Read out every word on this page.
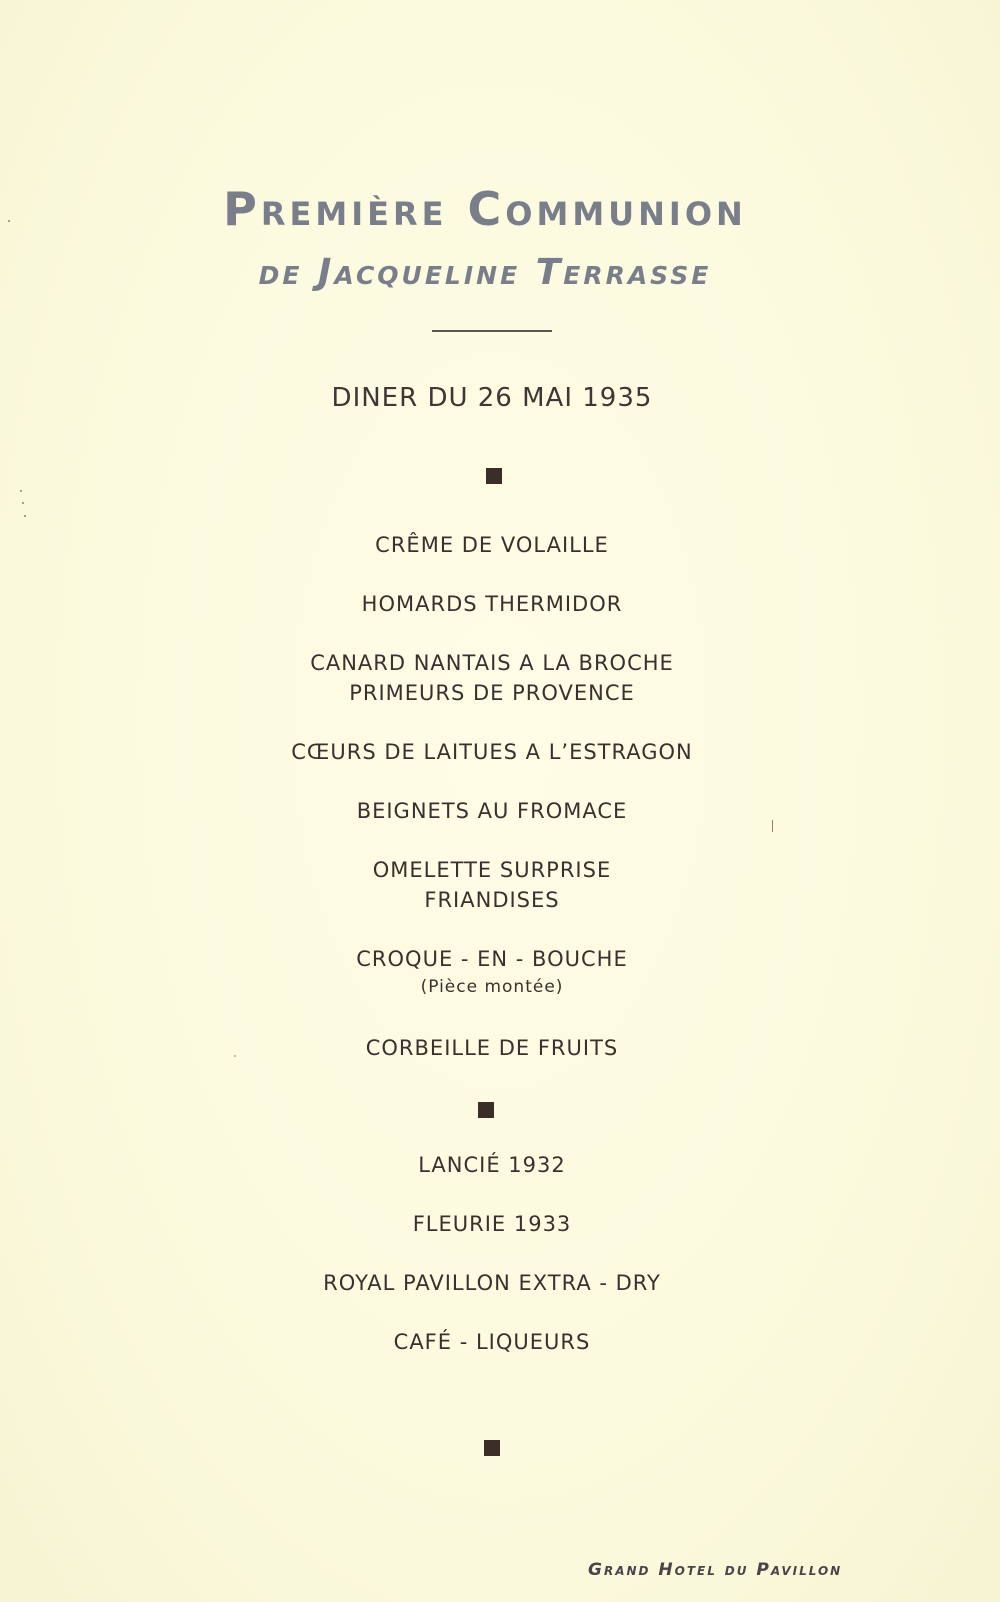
Première Communion
de Jacqueline Terrasse
DINER DU 26 MAI 1935
CRÊME DE VOLAILLE
HOMARDS THERMIDOR
CANARD NANTAIS A LA BROCHE
PRIMEURS DE PROVENCE
CŒURS DE LAITUES A L’ESTRAGON
BEIGNETS AU FROMACE
OMELETTE SURPRISE
FRIANDISES
CROQUE - EN - BOUCHE
(Pièce montée)
CORBEILLE DE FRUITS
LANCIÉ 1932
FLEURIE 1933
ROYAL PAVILLON EXTRA - DRY
CAFÉ - LIQUEURS
Grand Hotel du Pavillon
